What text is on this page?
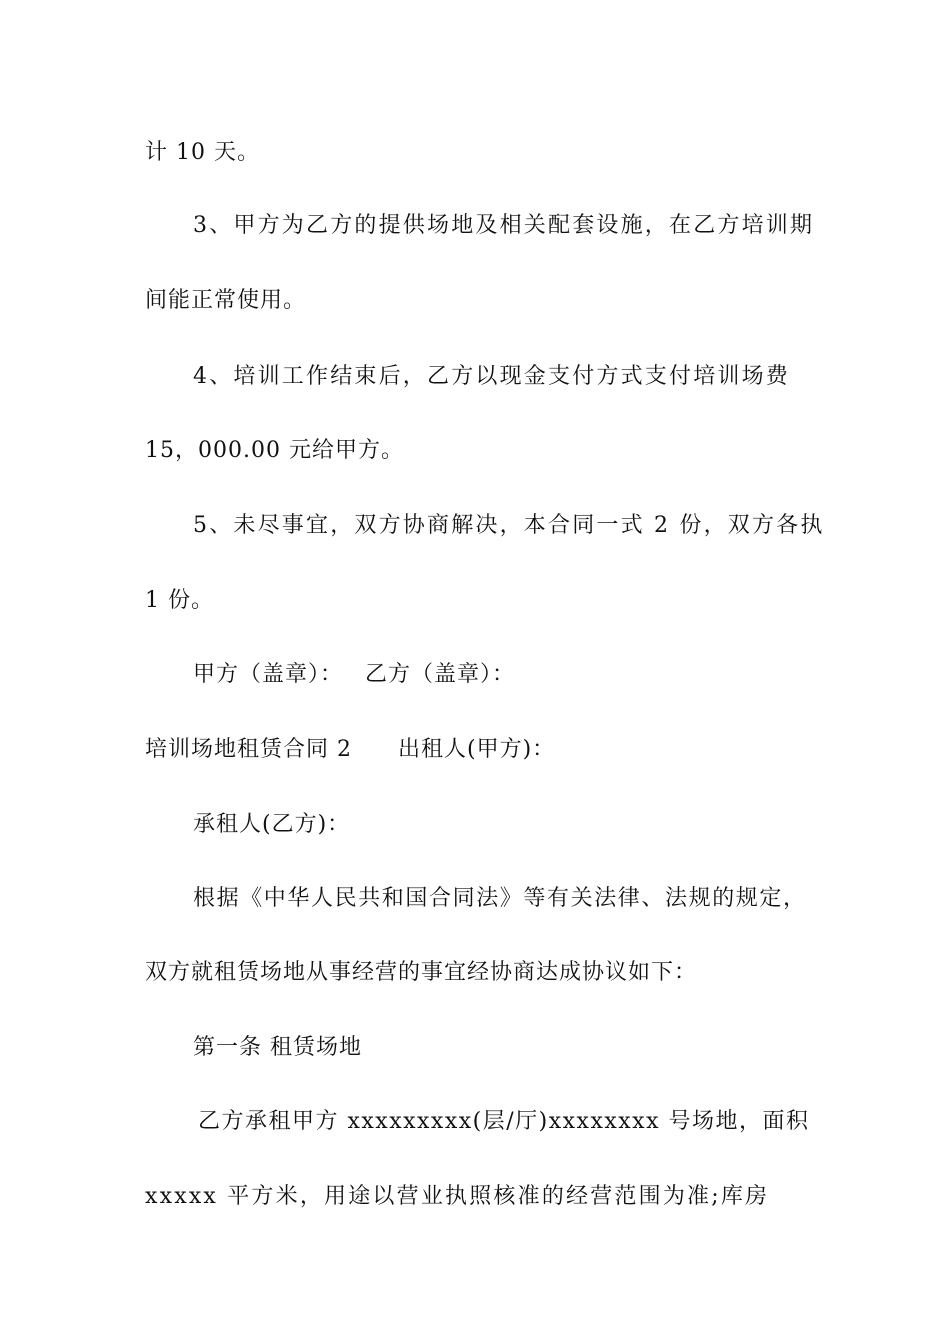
计 10 天。
3、甲方为乙方的提供场地及相关配套设施，在乙方培训期
间能正常使用。
4、培训工作结束后，乙方以现金支付方式支付培训场费
15，000.00 元给甲方。
5、未尽事宜，双方协商解决，本合同一式 2 份，双方各执
1 份。
甲方（盖章）： 乙方（盖章）：
培训场地租赁合同 2 出租人(甲方)：
承租人(乙方)：
根据《中华人民共和国合同法》等有关法律、法规的规定，
双方就租赁场地从事经营的事宜经协商达成协议如下：
第一条 租赁场地
乙方承租甲方 xxxxxxxxx(层/厅)xxxxxxxx 号场地，面积
xxxxx 平方米，用途以营业执照核准的经营范围为准;库房
